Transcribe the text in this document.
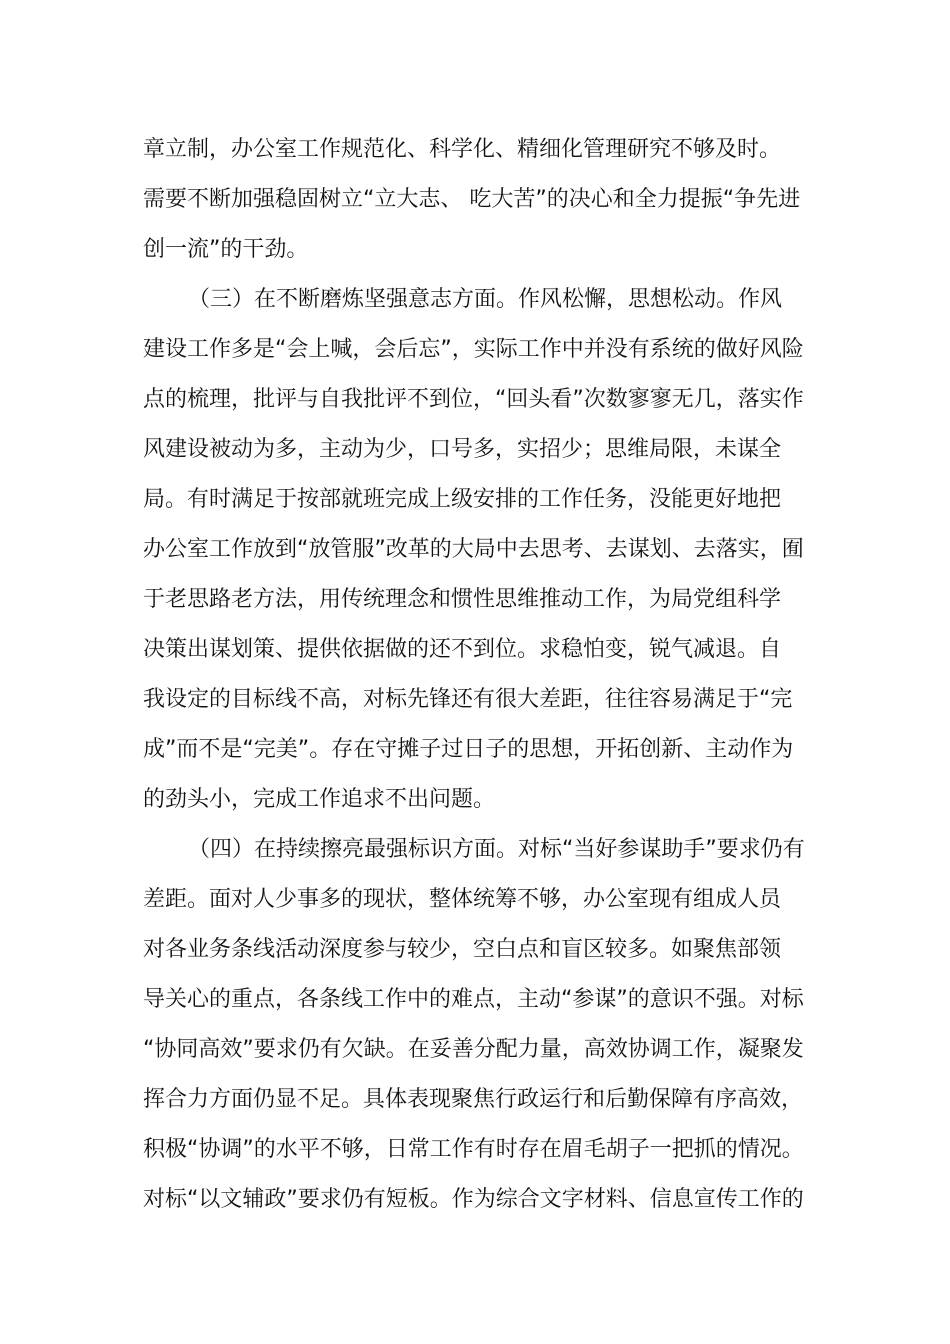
章立制，办公室工作规范化、科学化、精细化管理研究不够及时。
需要不断加强稳固树立“立大志、 吃大苦”的决心和全力提振“争先进
创一流”的干劲。
（三）在不断磨炼坚强意志方面。作风松懈，思想松动。作风
建设工作多是“会上喊，会后忘”，实际工作中并没有系统的做好风险
点的梳理，批评与自我批评不到位，“回头看”次数寥寥无几，落实作
风建设被动为多，主动为少，口号多，实招少；思维局限，未谋全
局。有时满足于按部就班完成上级安排的工作任务，没能更好地把
办公室工作放到“放管服”改革的大局中去思考、去谋划、去落实，囿
于老思路老方法，用传统理念和惯性思维推动工作，为局党组科学
决策出谋划策、提供依据做的还不到位。求稳怕变，锐气减退。自
我设定的目标线不高，对标先锋还有很大差距，往往容易满足于“完
成”而不是“完美”。存在守摊子过日子的思想，开拓创新、主动作为
的劲头小，完成工作追求不出问题。
（四）在持续擦亮最强标识方面。对标“当好参谋助手”要求仍有
差距。面对人少事多的现状，整体统筹不够，办公室现有组成人员
对各业务条线活动深度参与较少，空白点和盲区较多。如聚焦部领
导关心的重点，各条线工作中的难点，主动“参谋”的意识不强。对标
“协同高效”要求仍有欠缺。在妥善分配力量，高效协调工作，凝聚发
挥合力方面仍显不足。具体表现聚焦行政运行和后勤保障有序高效，
积极“协调”的水平不够，日常工作有时存在眉毛胡子一把抓的情况。
对标“以文辅政”要求仍有短板。作为综合文字材料、信息宣传工作的
